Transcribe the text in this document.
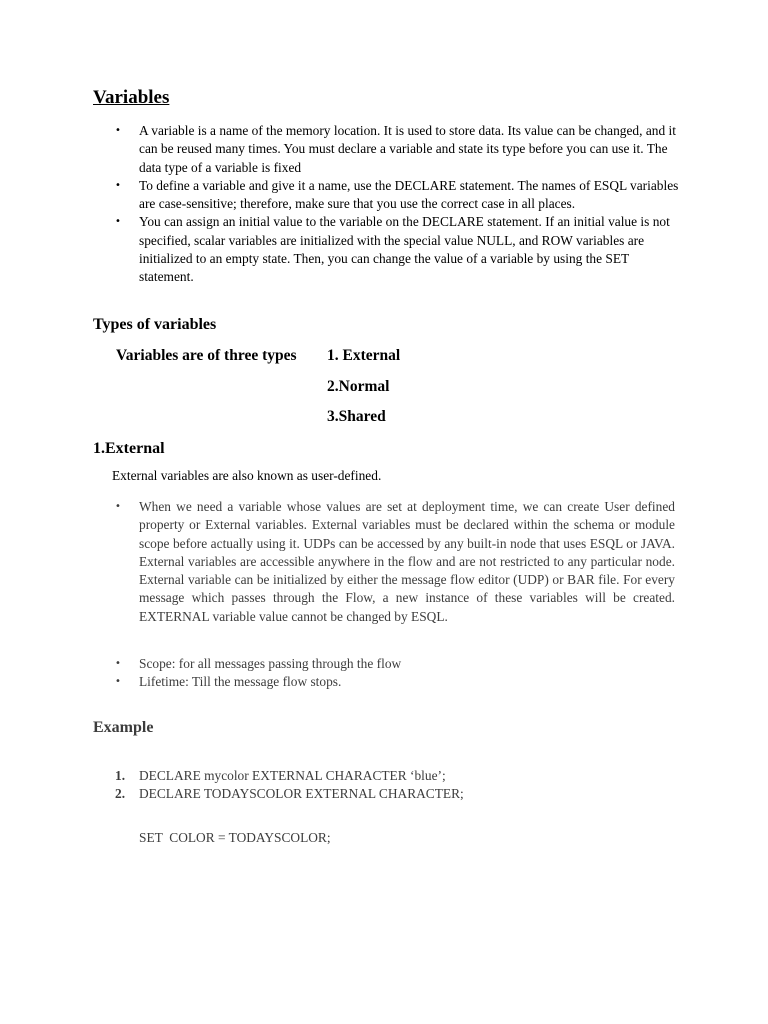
Variables
• A variable is a name of the memory location. It is used to store data. Its value can be changed, and it can be reused many times. You must declare a variable and state its type before you can use it. The data type of a variable is fixed
• To define a variable and give it a name, use the DECLARE statement. The names of ESQL variables are case-sensitive; therefore, make sure that you use the correct case in all places.
• You can assign an initial value to the variable on the DECLARE statement. If an initial value is not specified, scalar variables are initialized with the special value NULL, and ROW variables are initialized to an empty state. Then, you can change the value of a variable by using the SET statement.
Types of variables
Variables are of three types 1. External
2.Normal
3.Shared
1.External
External variables are also known as user-defined.
• When we need a variable whose values are set at deployment time, we can create User defined property or External variables. External variables must be declared within the schema or module scope before actually using it. UDPs can be accessed by any built-in node that uses ESQL or JAVA. External variables are accessible anywhere in the flow and are not restricted to any particular node. External variable can be initialized by either the message flow editor (UDP) or BAR file. For every message which passes through the Flow, a new instance of these variables will be created. EXTERNAL variable value cannot be changed by ESQL.
• Scope: for all messages passing through the flow
• Lifetime: Till the message flow stops.
Example
1. DECLARE mycolor EXTERNAL CHARACTER ‘blue’;
2. DECLARE TODAYSCOLOR EXTERNAL CHARACTER;
SET  COLOR = TODAYSCOLOR;
